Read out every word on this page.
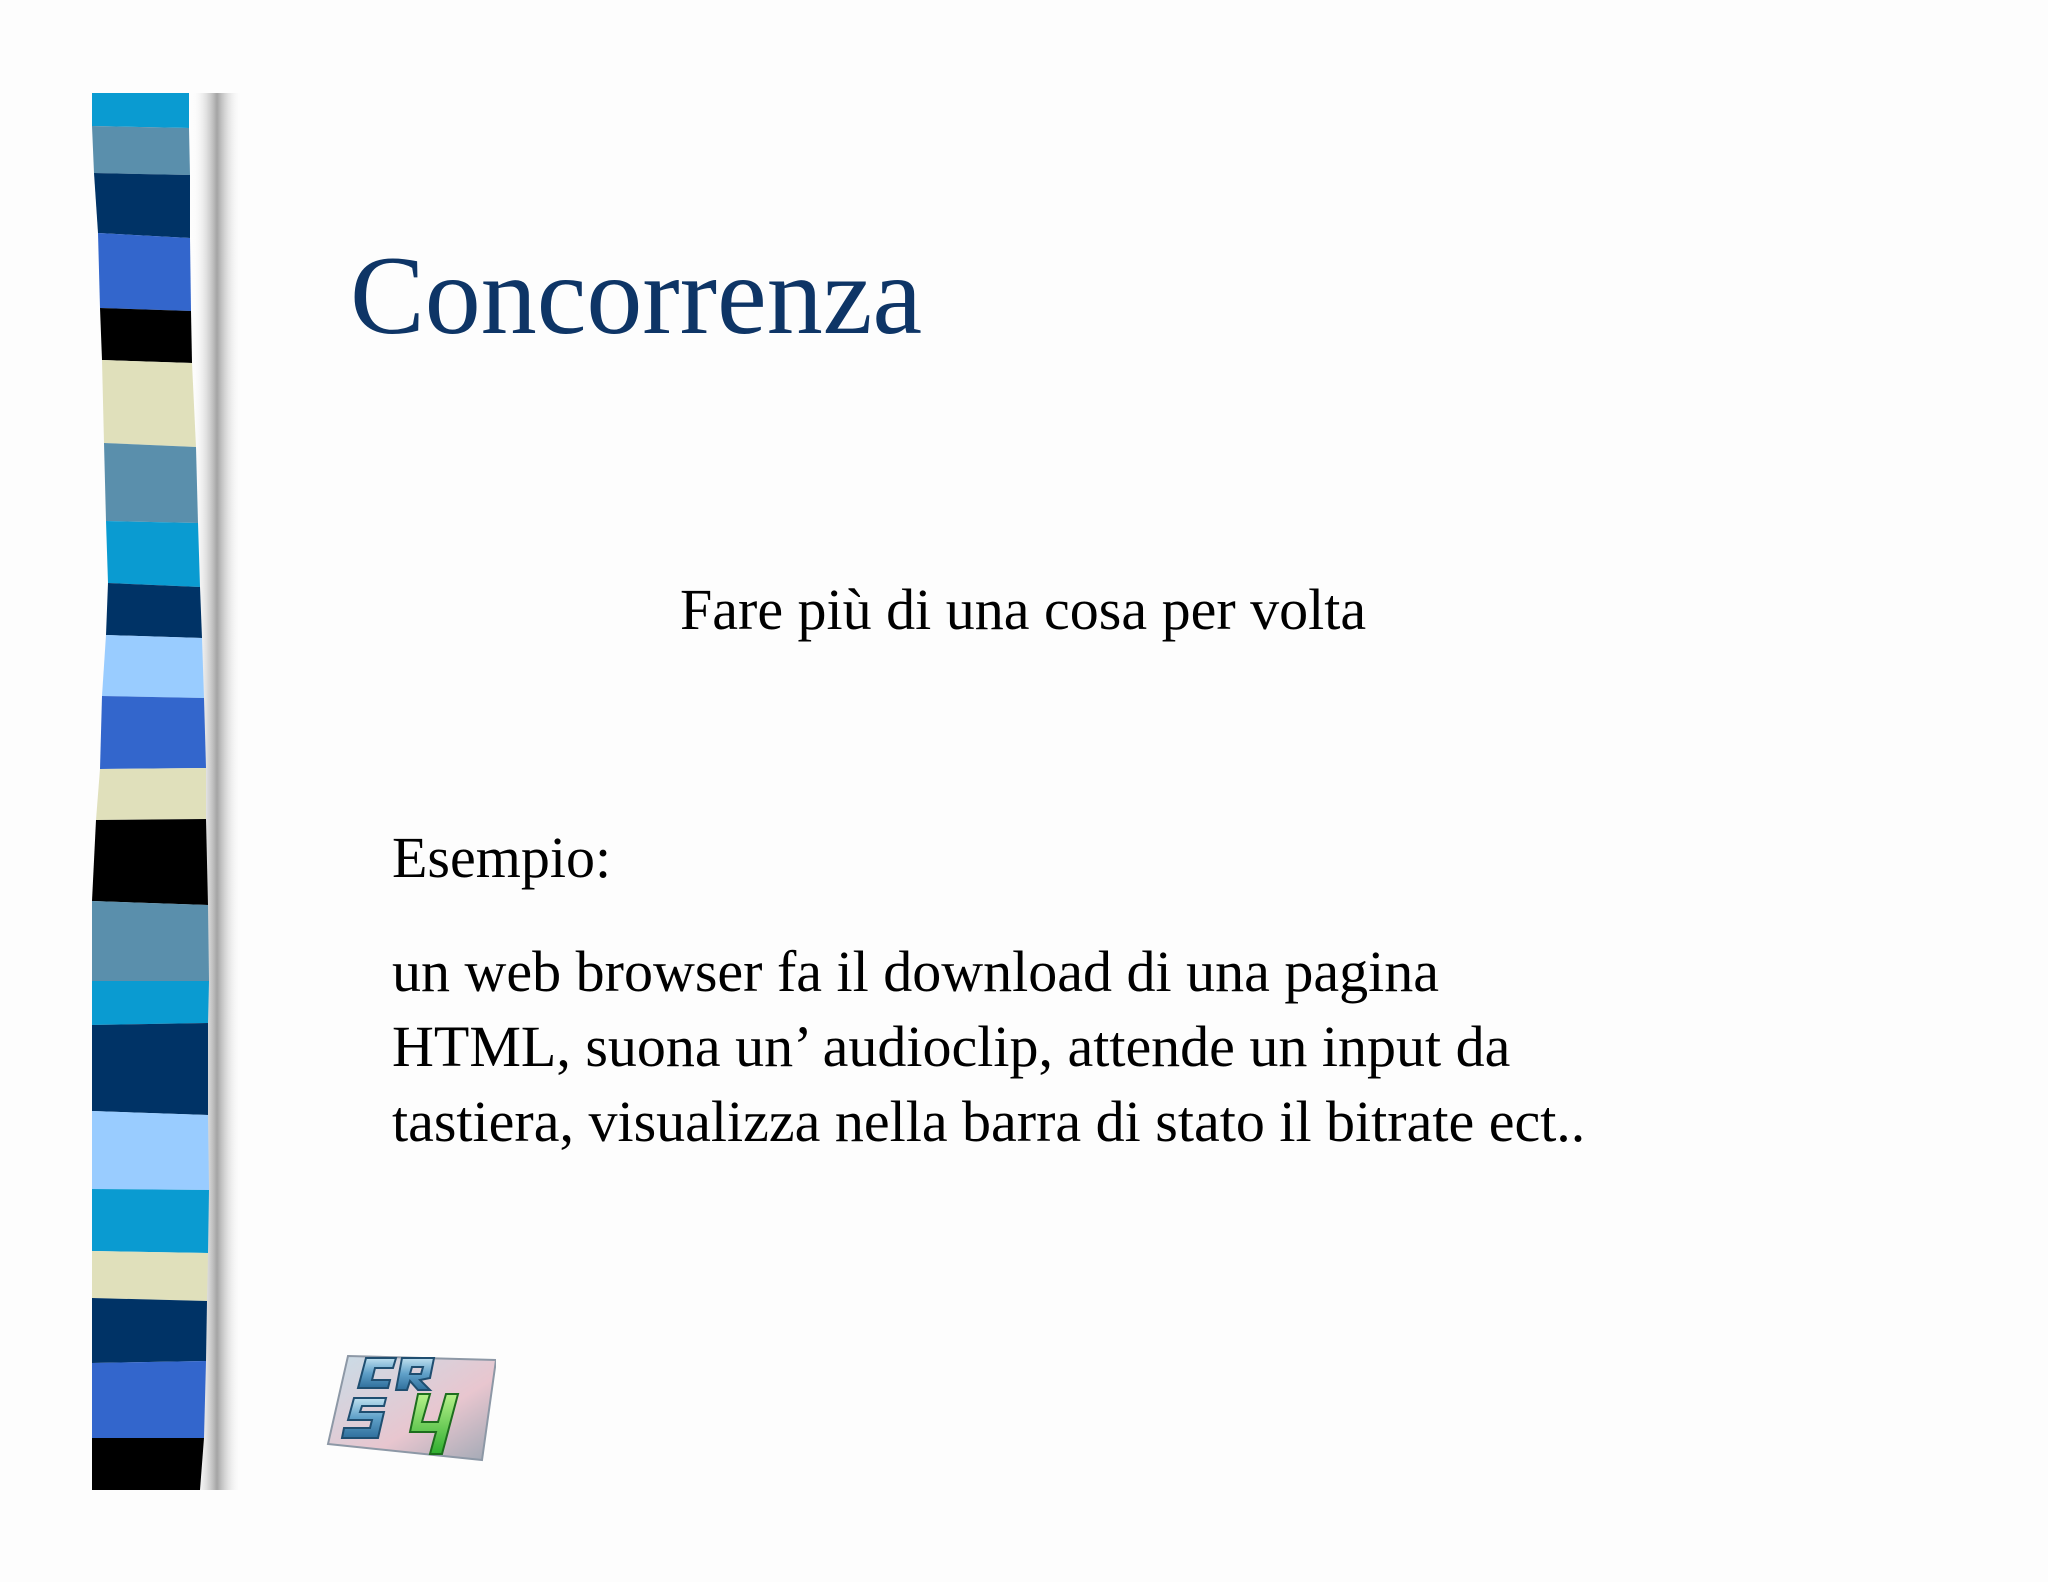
Concorrenza

Fare più di una cosa per volta

Esempio:

un web browser fa il download di una pagina
HTML, suona un’ audioclip, attende un input da
tastiera, visualizza nella barra di stato il bitrate ect..
